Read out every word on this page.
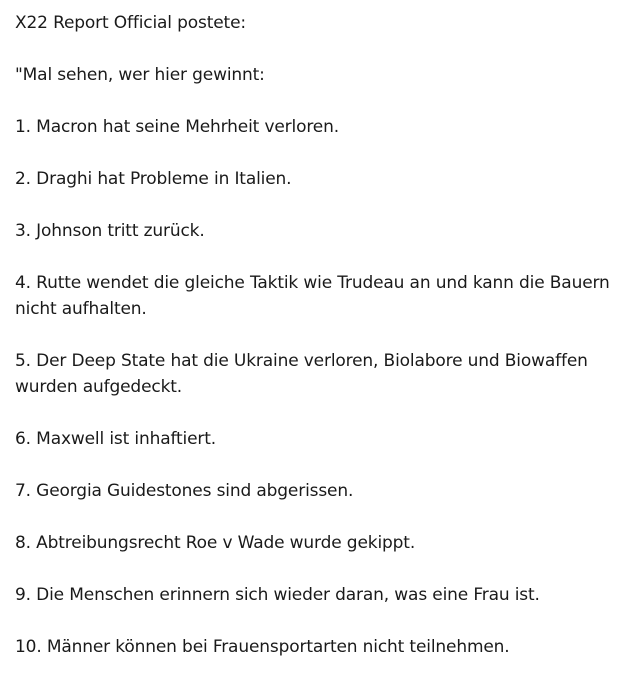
X22 Report Official postete:

"Mal sehen, wer hier gewinnt:

1. Macron hat seine Mehrheit verloren.

2. Draghi hat Probleme in Italien.

3. Johnson tritt zurück.

4. Rutte wendet die gleiche Taktik wie Trudeau an und kann die Bauern nicht aufhalten.

5. Der Deep State hat die Ukraine verloren, Biolabore und Biowaffen wurden aufgedeckt.

6. Maxwell ist inhaftiert.

7. Georgia Guidestones sind abgerissen.

8. Abtreibungsrecht Roe v Wade wurde gekippt.

9. Die Menschen erinnern sich wieder daran, was eine Frau ist.

10. Männer können bei Frauensportarten nicht teilnehmen.
